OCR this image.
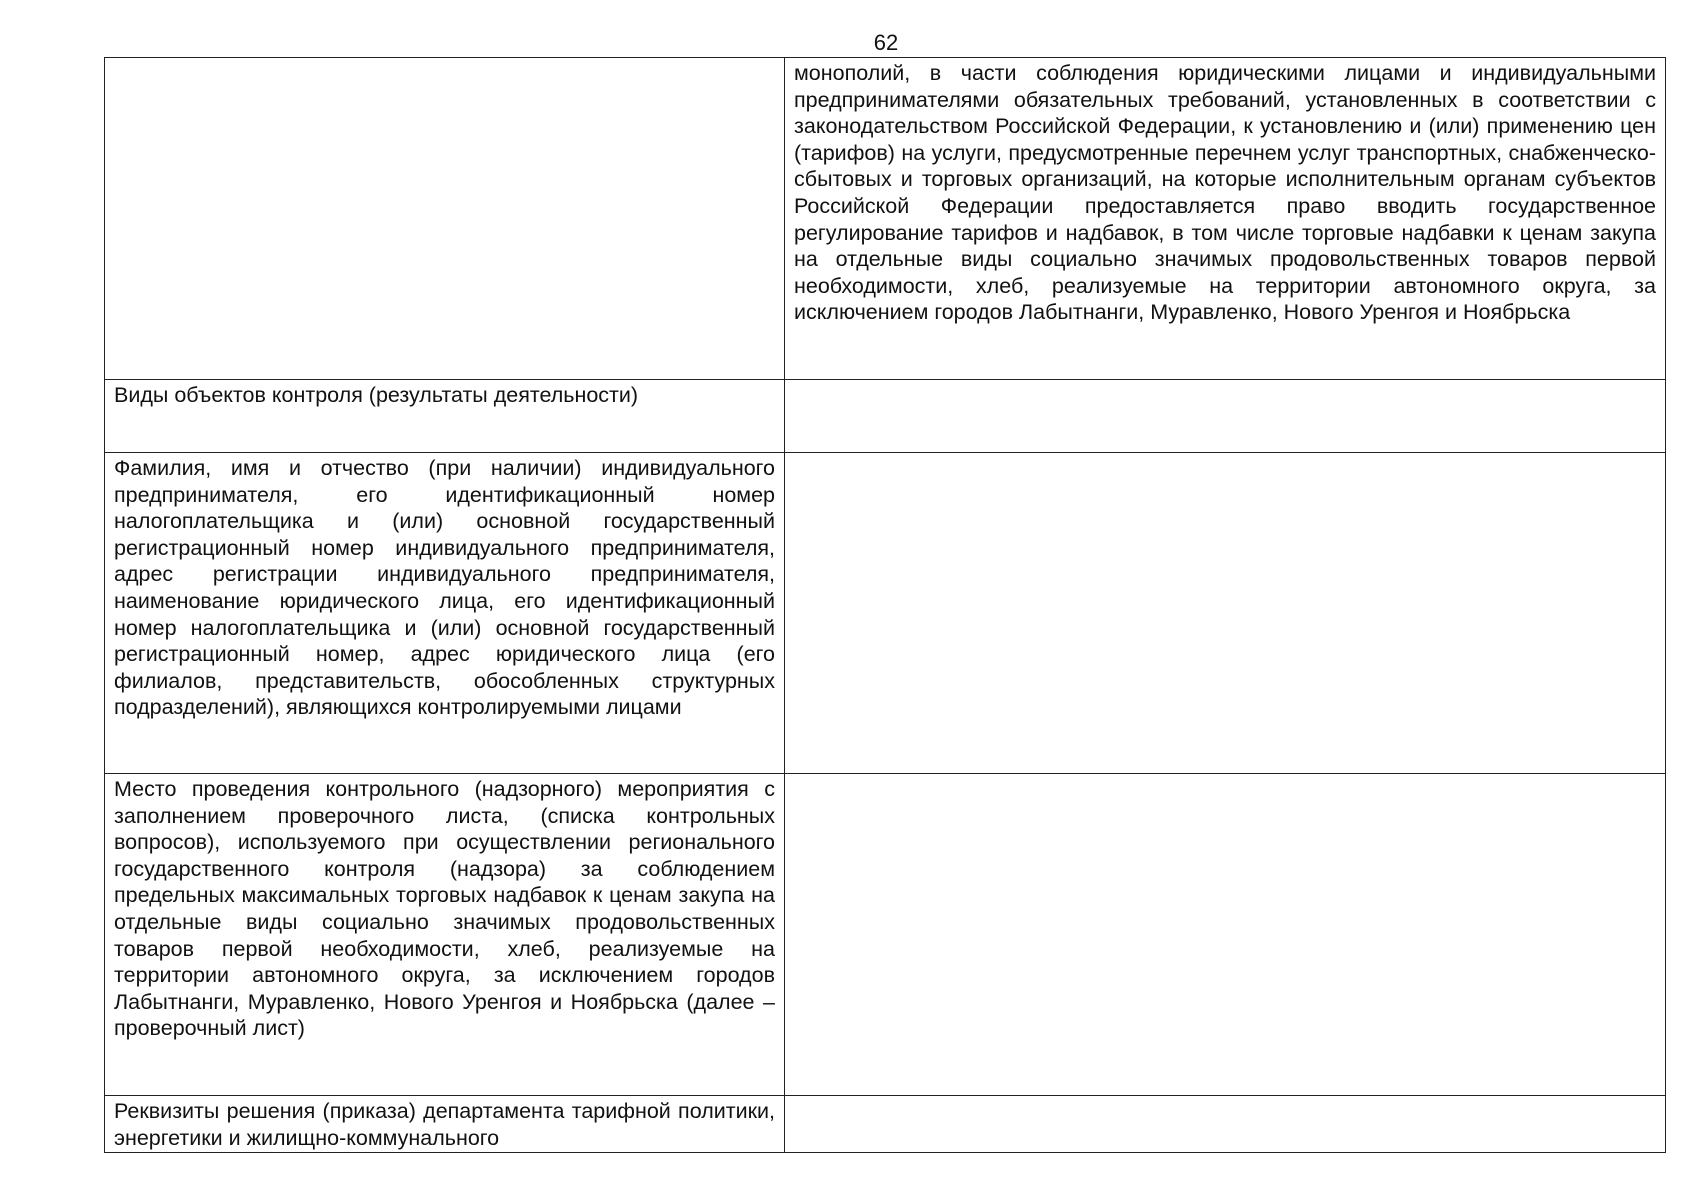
62
	монополий, в части соблюдения юридическими лицами и индивидуальными предпринимателями обязательных требований, установленных в соответствии с законодательством Российской Федерации, к установлению и (или) применению цен (тарифов) на услуги, предусмотренные перечнем услуг транспортных, снабженческо-сбытовых и торговых организаций, на которые исполнительным органам субъектов Российской Федерации предоставляется право вводить государственное регулирование тарифов и надбавок, в том числе торговые надбавки к ценам закупа на отдельные виды социально значимых продовольственных товаров первой необходимости, хлеб, реализуемые на территории автономного округа, за исключением городов Лабытнанги, Муравленко, Нового Уренгоя и Ноябрьска
Виды объектов контроля (результаты деятельности)	
Фамилия, имя и отчество (при наличии) индивидуального предпринимателя, его идентификационный номер налогоплательщика и (или) основной государственный регистрационный номер индивидуального предпринимателя, адрес регистрации индивидуального предпринимателя, наименование юридического лица, его идентификационный номер налогоплательщика и (или) основной государственный регистрационный номер, адрес юридического лица (его филиалов, представительств, обособленных структурных подразделений), являющихся контролируемыми лицами	
Место проведения контрольного (надзорного) мероприятия с заполнением проверочного листа, (списка контрольных вопросов), используемого при осуществлении регионального государственного контроля (надзора) за соблюдением предельных максимальных торговых надбавок к ценам закупа на отдельные виды социально значимых продовольственных товаров первой необходимости, хлеб, реализуемые на территории автономного округа, за исключением городов Лабытнанги, Муравленко, Нового Уренгоя и Ноябрьска (далее – проверочный лист)	
Реквизиты решения (приказа) департамента тарифной политики, энергетики и жилищно-коммунального	
